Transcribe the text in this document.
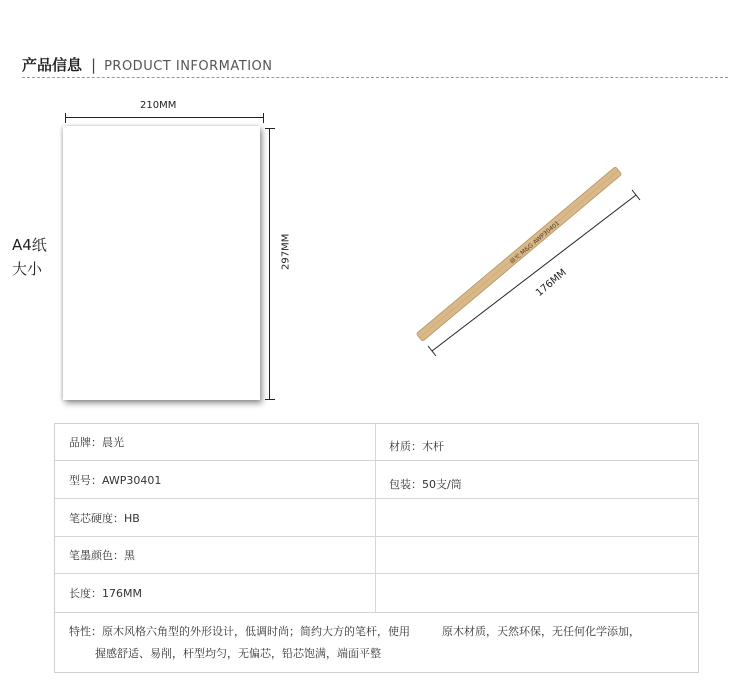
产品信息 | PRODUCT INFORMATION
A4纸
大小
210MM
297MM	晨光 M&G AWP30401
176MM
品牌：晨光	材质：木杆
型号：AWP30401	包装：50支/筒
笔芯硬度：HB
笔墨颜色：黑
长度：176MM
特性：原木风格六角型的外形设计，低调时尚；简约大方的笔杆，使用	原木材质，天然环保，无任何化学添加，
握感舒适、易削，杆型均匀，无偏芯，铅芯饱满，端面平整
